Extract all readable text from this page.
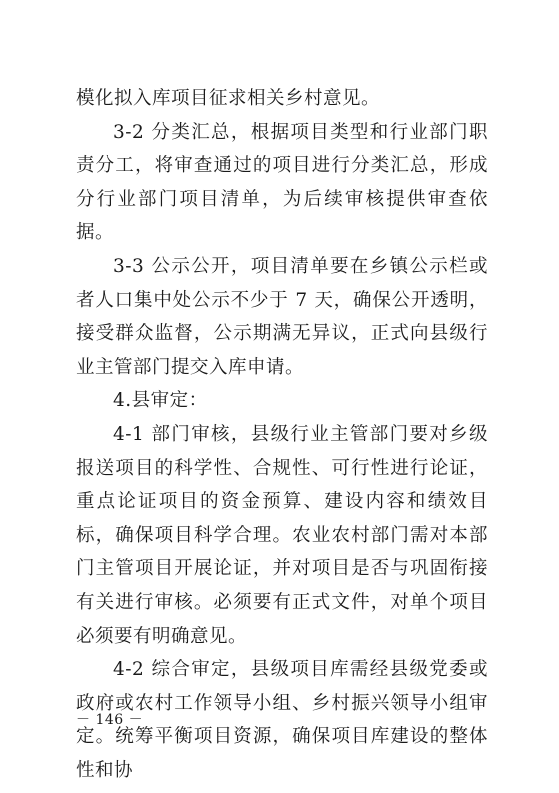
模化拟入库项目征求相关乡村意见。

3-2 分类汇总，根据项目类型和行业部门职责分工，将审查通过的项目进行分类汇总，形成分行业部门项目清单，为后续审核提供审查依据。

3-3 公示公开，项目清单要在乡镇公示栏或者人口集中处公示不少于 7 天，确保公开透明，接受群众监督，公示期满无异议，正式向县级行业主管部门提交入库申请。

4.县审定：

4-1 部门审核，县级行业主管部门要对乡级报送项目的科学性、合规性、可行性进行论证，重点论证项目的资金预算、建设内容和绩效目标，确保项目科学合理。农业农村部门需对本部门主管项目开展论证，并对项目是否与巩固衔接有关进行审核。必须要有正式文件，对单个项目必须要有明确意见。

4-2 综合审定，县级项目库需经县级党委或政府或农村工作领导小组、乡村振兴领导小组审定。统筹平衡项目资源，确保项目库建设的整体性和协

－ 146 －
